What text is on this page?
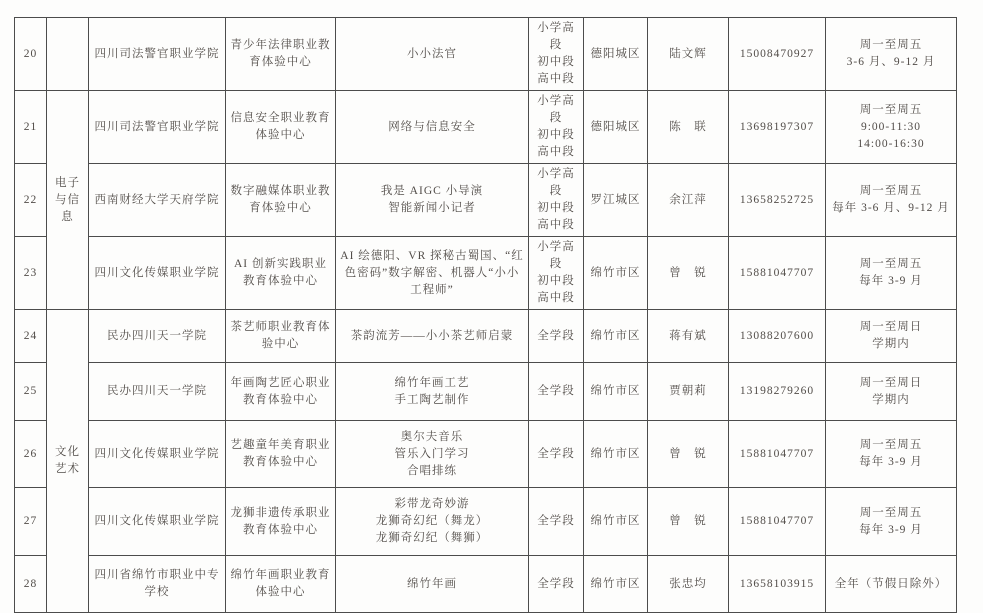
20		四川司法警官职业学院	青少年法律职业教育体验中心	小小法官	小学高段
初中段
高中段	德阳城区	陆文辉	15008470927	周一至周五
3-6 月、9-12 月

21	电子
与信
息	四川司法警官职业学院	信息安全职业教育体验中心	网络与信息安全	小学高段
初中段
高中段	德阳城区	陈　联	13698197307	周一至周五
9:00-11:30
14:00-16:30

22		西南财经大学天府学院	数字融媒体职业教育体验中心	我是 AIGC 小导演
智能新闻小记者	小学高段
初中段
高中段	罗江城区	余江萍	13658252725	周一至周五
每年 3-6 月、9-12 月

23		四川文化传媒职业学院	AI 创新实践职业教育体验中心	AI 绘德阳、VR 探秘古蜀国、“红色密码”数字解密、机器人“小小工程师”	小学高段
初中段
高中段	绵竹市区	曾　锐	15881047707	周一至周五
每年 3-9 月

24	文化
艺术	民办四川天一学院	茶艺师职业教育体验中心	茶韵流芳——小小茶艺师启蒙	全学段	绵竹市区	蒋有斌	13088207600	周一至周日
学期内

25		民办四川天一学院	年画陶艺匠心职业教育体验中心	绵竹年画工艺
手工陶艺制作	全学段	绵竹市区	贾朝莉	13198279260	周一至周日
学期内

26		四川文化传媒职业学院	艺趣童年美育职业教育体验中心	奥尔夫音乐
管乐入门学习
合唱排练	全学段	绵竹市区	曾　锐	15881047707	周一至周五
每年 3-9 月

27		四川文化传媒职业学院	龙狮非遗传承职业教育体验中心	彩带龙奇妙游
龙狮奇幻纪（舞龙）
龙狮奇幻纪（舞狮）	全学段	绵竹市区	曾　锐	15881047707	周一至周五
每年 3-9 月

28		四川省绵竹市职业中专学校	绵竹年画职业教育体验中心	绵竹年画	全学段	绵竹市区	张忠均	13658103915	全年（节假日除外）
